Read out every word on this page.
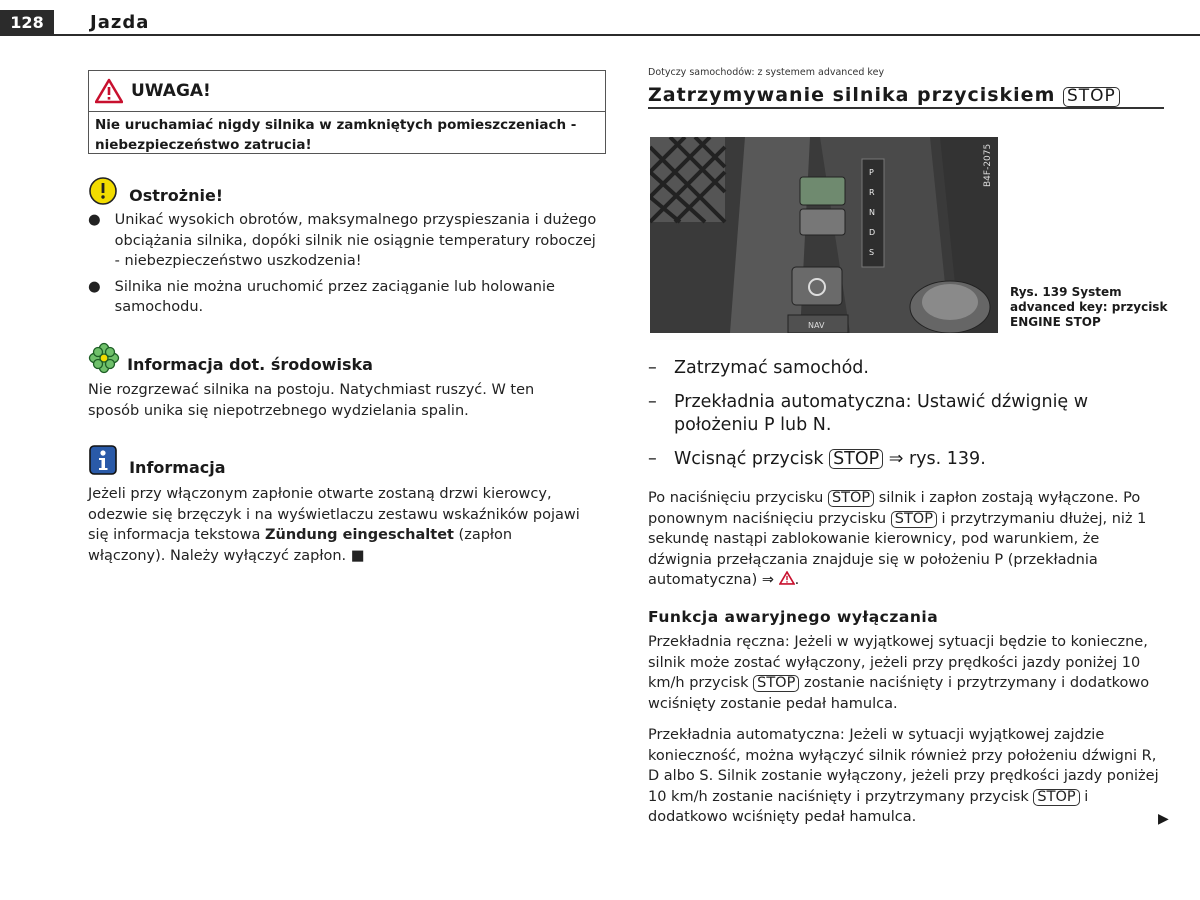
128	Jazda
UWAGA!
Nie uruchamiać nigdy silnika w zamkniętych pomieszczeniach - niebezpieczeństwo zatrucia!
Ostrożnie!
● Unikać wysokich obrotów, maksymalnego przyspieszania i dużego obciążania silnika, dopóki silnik nie osiągnie temperatury roboczej - niebezpieczeństwo uszkodzenia!
● Silnika nie można uruchomić przez zaciąganie lub holowanie samochodu.
Informacja dot. środowiska
Nie rozgrzewać silnika na postoju. Natychmiast ruszyć. W ten sposób unika się niepotrzebnego wydzielania spalin.
Informacja
Jeżeli przy włączonym zapłonie otwarte zostaną drzwi kierowcy, odezwie się brzęczyk i na wyświetlaczu zestawu wskaźników pojawi się informacja tekstowa Zündung eingeschaltet (zapłon włączony). Należy wyłączyć zapłon. ■
Dotyczy samochodów: z systemem advanced key
Zatrzymywanie silnika przyciskiem STOP
NAV
P
R
N
D
S
B4F-2075
Rys. 139 System advanced key: przycisk ENGINE STOP
– Zatrzymać samochód.
– Przekładnia automatyczna: Ustawić dźwignię w położeniu P lub N.
– Wcisnąć przycisk STOP ⇒ rys. 139.
Po naciśnięciu przycisku STOP silnik i zapłon zostają wyłączone. Po ponownym naciśnięciu przycisku STOP i przytrzymaniu dłużej, niż 1 sekundę nastąpi zablokowanie kierownicy, pod warunkiem, że dźwignia przełączania znajduje się w położeniu P (przekładnia automatyczna) ⇒ .
Funkcja awaryjnego wyłączania
Przekładnia ręczna: Jeżeli w wyjątkowej sytuacji będzie to konieczne, silnik może zostać wyłączony, jeżeli przy prędkości jazdy poniżej 10 km/h przycisk STOP zostanie naciśnięty i przytrzymany i dodatkowo wciśnięty zostanie pedał hamulca.
Przekładnia automatyczna: Jeżeli w sytuacji wyjątkowej zajdzie konieczność, można wyłączyć silnik również przy położeniu dźwigni R, D albo S. Silnik zostanie wyłączony, jeżeli przy prędkości jazdy poniżej 10 km/h zostanie naciśnięty i przytrzymany przycisk STOP i dodatkowo wciśnięty pedał hamulca.	▶
